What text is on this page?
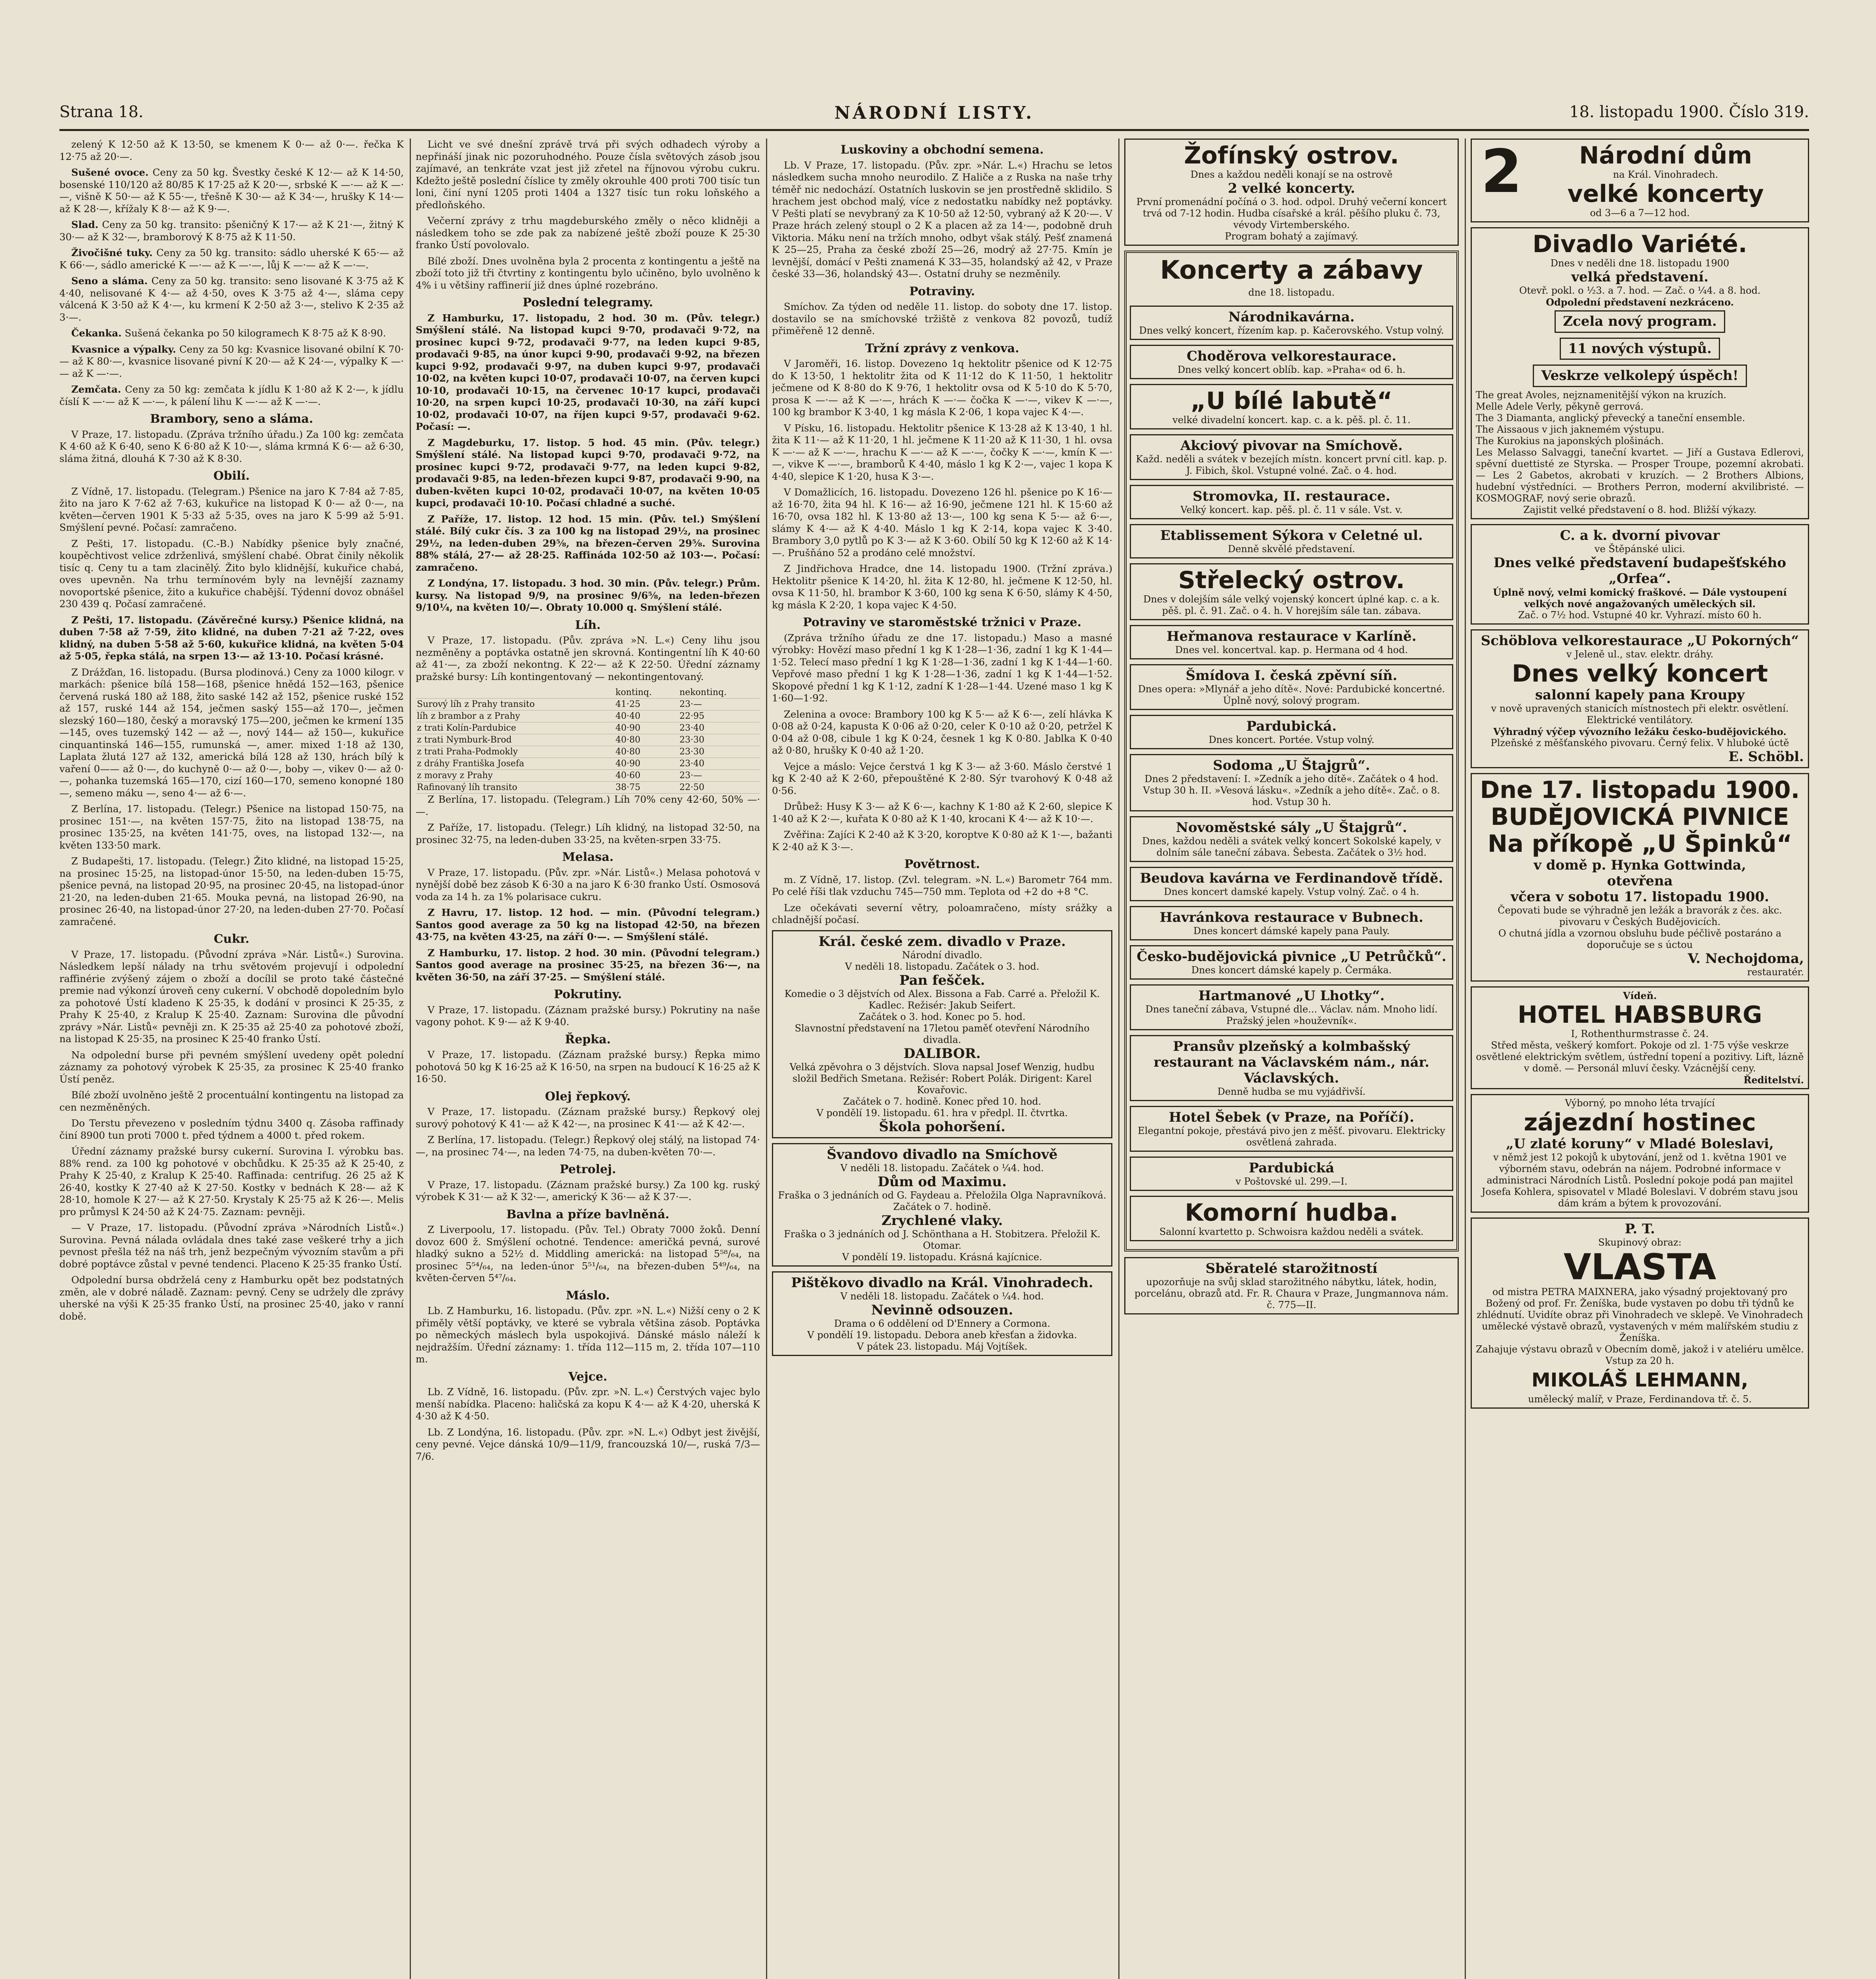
Strana 18.	NÁRODNÍ LISTY.	18. listopadu 1900. Číslo 319.

zelený K 12·50 až K 13·50, se kmenem K 0·— až 0·—. řečka K 12·75 až 20·—.

Sušené ovoce. Ceny za 50 kg. Švestky české K 12·— až K 14·50, bosenské 110/120 až 80/85 K 17·25 až K 20·—, srbské K —·— až K —·—, višně K 50·— až K 55·—, třešně K 30·— až K 34·—, hrušky K 14·— až K 28·—, křížaly K 8·— až K 9·—.

Slad. Ceny za 50 kg. transito: pšeničný K 17·— až K 21·—, žitný K 30·— až K 32·—, bramborový K 8·75 až K 11·50.

Živočišné tuky. Ceny za 50 kg. transito: sádlo uherské K 65·— až K 66·—, sádlo americké K —·— až K —·—, lůj K —·— až K —·—.

Seno a sláma. Ceny za 50 kg. transito: seno lisované K 3·75 až K 4·40, nelisované K 4·— až 4·50, oves K 3·75 až 4·—, sláma cepy válcená K 3·50 až K 4·—, ku krmení K 2·50 až 3·—, stelivo K 2·35 až 3·—.

Čekanka. Sušená čekanka po 50 kilogramech K 8·75 až K 8·90.

Kvasnice a výpalky. Ceny za 50 kg: Kvasnice lisované obilní K 70·— až K 80·—, kvasnice lisované pivní K 20·— až K 24·—, výpalky K —·— až K —·—.

Zemčata. Ceny za 50 kg: zemčata k jídlu K 1·80 až K 2·—, k jídlu číslí K —·— až K —·—, k pálení lihu K —·— až K —·—.

Brambory, seno a sláma.

V Praze, 17. listopadu. (Zpráva tržního úřadu.) Za 100 kg: zemčata K 4·60 až K 6·40, seno K 6·80 až K 10·—, sláma krmná K 6·— až 6·30, sláma žitná, dlouhá K 7·30 až K 8·30.

Obilí.

Z Vídně, 17. listopadu. (Telegram.) Pšenice na jaro K 7·84 až 7·85, žito na jaro K 7·62 až 7·63, kukuřice na listopad K 0·— až 0·—, na květen—červen 1901 K 5·33 až 5·35, oves na jaro K 5·99 až 5·91. Smýšlení pevné. Počasí: zamračeno.

Z Pešti, 17. listopadu. (C.-B.) Nabídky pšenice byly značné, koupěchtivost velice zdrženlivá, smýšlení chabé. Obrat činily několik tisíc q. Ceny tu a tam zlacinělý. Žito bylo klidnější, kukuřice chabá, oves upevněn. Na trhu termínovém byly na levnější zaznamy novoportské pšenice, žito a kukuřice chabější. Týdenní dovoz obnášel 230 439 q. Počasí zamračené.

Z Pešti, 17. listopadu. (Závěrečné kursy.) Pšenice klidná, na duben 7·58 až 7·59, žito klidné, na duben 7·21 až 7·22, oves klidný, na duben 5·58 až 5·60, kukuřice klidná, na květen 5·04 až 5·05, řepka stálá, na srpen 13·— až 13·10. Počasí krásné.

Z Drážďan, 16. listopadu. (Bursa plodinová.) Ceny za 1000 kilogr. v markách: pšenice bílá 158—168, pšenice hnědá 152—163, pšenice červená ruská 180 až 188, žito saské 142 až 152, pšenice ruské 152 až 157, ruské 144 až 154, ječmen saský 155—až 170—, ječmen slezský 160—180, český a moravský 175—200, ječmen ke krmení 135—145, oves tuzemský 142 — až —, nový 144— až 150—, kukuřice cinquantinská 146—155, rumunská —, amer. mixed 1·18 až 130, Laplata žlutá 127 až 132, americká bílá 128 až 130, hrách bílý k vaření 0—— až 0·—, do kuchyně 0·— až 0·—, boby —, vikev 0·— až 0·—, pohanka tuzemská 165—170, cizí 160—170, semeno konopné 180—, semeno máku —, seno 4·— až 6·—.

Z Berlína, 17. listopadu. (Telegr.) Pšenice na listopad 150·75, na prosinec 151·—, na květen 157·75, žito na listopad 138·75, na prosinec 135·25, na květen 141·75, oves, na listopad 132·—, na květen 133·50 mark.

Z Budapešti, 17. listopadu. (Telegr.) Žito klidné, na listopad 15·25, na prosinec 15·25, na listopad-únor 15·50, na leden-duben 15·75, pšenice pevná, na listopad 20·95, na prosinec 20·45, na listopad-únor 21·20, na leden-duben 21·65. Mouka pevná, na listopad 26·90, na prosinec 26·40, na listopad-únor 27·20, na leden-duben 27·70. Počasí zamračené.

Cukr.

V Praze, 17. listopadu. (Původní zpráva »Nár. Listů«.) Surovina. Následkem lepší nálady na trhu světovém projevují i odpolední raffinérie zvýšený zájem o zboží a docílil se proto také částečné premie nad výkonzí úroveň ceny cukerní. V obchodě dopoledním bylo za pohotové Ústí kladeno K 25·35, k dodání v prosinci K 25·35, z Prahy K 25·40, z Kralup K 25·40. Zaznam: Surovina dle původní zprávy »Nár. Listů« pevněji zn. K 25·35 až 25·40 za pohotové zboží, na listopad K 25·35, na prosinec K 25·40 franko Ústí.

Na odpolední burse při pevném smýšlení uvedeny opět polední záznamy za pohotový výrobek K 25·35, za prosinec K 25·40 franko Ústí peněz.

Bílé zboží uvolněno ještě 2 procentuální kontingentu na listopad za cen nezměněných.

Do Terstu převezeno v posledním týdnu 3400 q. Zásoba raffinady činí 8900 tun proti 7000 t. před týdnem a 4000 t. před rokem.

Úřední záznamy pražské bursy cukerní. Surovina I. výrobku bas. 88% rend. za 100 kg pohotové v obchůdku. K 25·35 až K 25·40, z Prahy K 25·40, z Kralup K 25·40. Raffinada: centrifug. 26 25 až K 26·40, kostky K 27·40 až K 27·50. Kostky v bednách K 28·— až K 28·10, homole K 27·— až K 27·50. Krystaly K 25·75 až K 26·—. Melis pro průmysl K 24·50 až K 24·75. Zaznam: pevněji.

— V Praze, 17. listopadu. (Původní zpráva »Národních Listů«.) Surovina. Pevná nálada ovládala dnes také zase veškeré trhy a jich pevnost přešla též na náš trh, jenž bezpečným vývozním stavům a při dobré poptávce zůstal v pevné tendenci. Placeno K 25·35 franko Ústí.

Odpolední bursa obdrželá ceny z Hamburku opět bez podstatných změn, ale v dobré náladě. Zaznam: pevný. Ceny se udržely dle zprávy uherské na výši K 25·35 franko Ústí, na prosinec 25·40, jako v ranní době.

Licht ve své dnešní zprávě trvá při svých odhadech výroby a nepřináší jinak nic pozoruhodného. Pouze čísla světových zásob jsou zajímavé, an tenkráte vzat jest již zřetel na říjnovou výrobu cukru. Kdežto ještě poslední číslice ty změly okrouhle 400 proti 700 tisíc tun loni, činí nyní 1205 proti 1404 a 1327 tisíc tun roku loňského a předloňského.

Večerní zprávy z trhu magdeburského změly o něco klidněji a následkem toho se zde pak za nabízené ještě zboží pouze K 25·30 franko Ústí povolovalo.

Bílé zboží. Dnes uvolněna byla 2 procenta z kontingentu a ještě na zboží toto již tři čtvrtiny z kontingentu bylo učiněno, bylo uvolněno k 4% i u většiny raffinerií již dnes úplné rozebráno.

Poslední telegramy.

Z Hamburku, 17. listopadu, 2 hod. 30 m. (Pův. telegr.) Smýšlení stálé. Na listopad kupci 9·70, prodavači 9·72, na prosinec kupci 9·72, prodavači 9·77, na leden kupci 9·85, prodavači 9·85, na únor kupci 9·90, prodavači 9·92, na březen kupci 9·92, prodavači 9·97, na duben kupci 9·97, prodavači 10·02, na květen kupci 10·07, prodavači 10·07, na červen kupci 10·10, prodavači 10·15, na červenec 10·17 kupci, prodavači 10·20, na srpen kupci 10·25, prodavači 10·30, na září kupci 10·02, prodavači 10·07, na říjen kupci 9·57, prodavači 9·62. Počasí: —.

Z Magdeburku, 17. listop. 5 hod. 45 min. (Pův. telegr.) Smýšlení stálé. Na listopad kupci 9·70, prodavači 9·72, na prosinec kupci 9·72, prodavači 9·77, na leden kupci 9·82, prodavači 9·85, na leden-březen kupci 9·87, prodavači 9·90, na duben-květen kupci 10·02, prodavači 10·07, na květen 10·05 kupci, prodavači 10·10. Počasí chladné a suché.

Z Paříže, 17. listop. 12 hod. 15 min. (Pův. tel.) Smýšlení stálé. Bílý cukr čís. 3 za 100 kg na listopad 29½, na prosinec 29½, na leden-duben 29⅝, na březen-červen 29⅝. Surovina 88% stálá, 27·— až 28·25. Raffináda 102·50 až 103·—. Počasí: zamračeno.

Z Londýna, 17. listopadu. 3 hod. 30 min. (Pův. telegr.) Prům. kursy. Na listopad 9/9, na prosinec 9/6⅝, na leden-březen 9/10¼, na květen 10/—. Obraty 10.000 q. Smýšlení stálé.

Líh.

V Praze, 17. listopadu. (Pův. zpráva »N. L.«) Ceny lihu jsou nezměněny a poptávka ostatně jen skrovná. Kontingentní líh K 40·60 až 41·—, za zboží nekontng. K 22·— až K 22·50. Úřední záznamy pražské bursy: Líh kontingentovaný — nekontingentovaný.

	kontinq.	nekontinq.
Surový líh z Prahy transito	41·25	23·—
líh z brambor a z Prahy	40·40	22·95
z trati Kolín-Pardubice	40·90	23·40
z trati Nymburk-Brod	40·80	23·30
z trati Praha-Podmokly	40·80	23·30
z dráhy Františka Josefa	40·90	23·40
z moravy z Prahy	40·60	23·—
Rafinovaný líh transito	38·75	22·50

Z Berlína, 17. listopadu. (Telegram.) Líh 70% ceny 42·60, 50% —·—.

Z Paříže, 17. listopadu. (Telegr.) Líh klidný, na listopad 32·50, na prosinec 32·75, na leden-duben 33·25, na květen-srpen 33·75.

Melasa.

V Praze, 17. listopadu. (Pův. zpr. »Nár. Listů«.) Melasa pohotová v nynější době bez zásob K 6·30 a na jaro K 6·30 franko Ústí. Osmosová voda za 14 h. za 1% polarisace cukru.

Z Havru, 17. listop. 12 hod. — min. (Původní telegram.) Santos good average za 50 kg na listopad 42·50, na březen 43·75, na květen 43·25, na září 0·—. — Smýšlení stálé.

Z Hamburku, 17. listop. 2 hod. 30 min. (Původní telegram.) Santos good average na prosinec 35·25, na březen 36·—, na květen 36·50, na září 37·25. — Smýšlení stálé.

Pokrutiny.

V Praze, 17. listopadu. (Záznam pražské bursy.) Pokrutiny na naše vagony pohot. K 9·— až K 9·40.

Řepka.

V Praze, 17. listopadu. (Záznam pražské bursy.) Řepka mimo pohotová 50 kg K 16·25 až K 16·50, na srpen na budoucí K 16·25 až K 16·50.

Olej řepkový.

V Praze, 17. listopadu. (Záznam pražské bursy.) Řepkový olej surový pohotový K 41·— až K 42·—, na prosinec K 41·— až K 42·—.

Z Berlína, 17. listopadu. (Telegr.) Řepkový olej stálý, na listopad 74·—, na prosinec 74·—, na leden 74·75, na duben-květen 70·—.

Petrolej.

V Praze, 17. listopadu. (Záznam pražské bursy.) Za 100 kg. ruský výrobek K 31·— až K 32·—, americký K 36·— až K 37·—.

Bavlna a příze bavlněná.

Z Liverpoolu, 17. listopadu. (Pův. Tel.) Obraty 7000 žoků. Denní dovoz 600 ž. Smýšlení ochotné. Tendence: američká pevná, surové hladký sukno a 52½ d. Middling americká: na listopad 5⁵⁸/₆₄, na prosinec 5⁵⁴/₆₄, na leden-únor 5⁵¹/₆₄, na březen-duben 5⁴⁹/₆₄, na květen-červen 5⁴⁷/₆₄.

Máslo.

Lb. Z Hamburku, 16. listopadu. (Pův. zpr. »N. L.«) Nižší ceny o 2 K přiměly větší poptávky, ve které se vybrala většina zásob. Poptávka po německých máslech byla uspokojivá. Dánské máslo náleží k nejdražším. Úřední záznamy: 1. třída 112—115 m, 2. třída 107—110 m.

Vejce.

Lb. Z Vídně, 16. listopadu. (Pův. zpr. »N. L.«) Čerstvých vajec bylo menší nabídka. Placeno: haličská za kopu K 4·— až K 4·20, uherská K 4·30 až K 4·50.

Lb. Z Londýna, 16. listopadu. (Pův. zpr. »N. L.«) Odbyt jest živější, ceny pevné. Vejce dánská 10/9—11/9, francouzská 10/—, ruská 7/3—7/6.

Luskoviny a obchodní semena.

Lb. V Praze, 17. listopadu. (Pův. zpr. »Nár. L.«) Hrachu se letos následkem sucha mnoho neurodilo. Z Haliče a z Ruska na naše trhy téměř nic nedochází. Ostatních luskovin se jen prostředně sklidilo. S hrachem jest obchod malý, více z nedostatku nabídky než poptávky. V Pešti platí se nevybraný za K 10·50 až 12·50, vybraný až K 20·—. V Praze hrách zelený stoupl o 2 K a placen až za 14·—, podobně druh Viktoria. Máku není na tržích mnoho, odbyt však stálý. Pešť znamená K 25—25, Praha za české zboží 25—26, modrý až 27·75. Kmín je levnější, domácí v Pešti znamená K 33—35, holandský až 42, v Praze české 33—36, holandský 43—. Ostatní druhy se nezměnily.

Potraviny.

Smíchov. Za týden od neděle 11. listop. do soboty dne 17. listop. dostavilo se na smíchovské tržiště z venkova 82 povozů, tudíž přiměřeně 12 denně.

Tržní zprávy z venkova.

V Jaroměři, 16. listop. Dovezeno 1q hektolitr pšenice od K 12·75 do K 13·50, 1 hektolitr žita od K 11·12 do K 11·50, 1 hektolitr ječmene od K 8·80 do K 9·76, 1 hektolitr ovsa od K 5·10 do K 5·70, prosa K —·— až K —·—, hrách K —·— čočka K —·—, vikev K —·—, 100 kg brambor K 3·40, 1 kg másla K 2·06, 1 kopa vajec K 4·—.

V Písku, 16. listopadu. Hektolitr pšenice K 13·28 až K 13·40, 1 hl. žita K 11·— až K 11·20, 1 hl. ječmene K 11·20 až K 11·30, 1 hl. ovsa K —·— až K —·—, hrachu K —·— až K —·—, čočky K —·—, kmín K —·—, vikve K —·—, bramborů K 4·40, máslo 1 kg K 2·—, vajec 1 kopa K 4·40, slepice K 1·20, husa K 3·—.

V Domažlicích, 16. listopadu. Dovezeno 126 hl. pšenice po K 16·— až 16·70, žita 94 hl. K 16·— až 16·90, ječmene 121 hl. K 15·60 až 16·70, ovsa 182 hl. K 13·80 až 13·—, 100 kg sena K 5·— až 6·—, slámy K 4·— až K 4·40. Máslo 1 kg K 2·14, kopa vajec K 3·40. Brambory 3,0 pytlů po K 3·— až K 3·60. Obilí 50 kg K 12·60 až K 14·—. Prušňáno 52 a prodáno celé množství.

Z Jindřichova Hradce, dne 14. listopadu 1900. (Tržní zpráva.) Hektolitr pšenice K 14·20, hl. žita K 12·80, hl. ječmene K 12·50, hl. ovsa K 11·50, hl. brambor K 3·60, 100 kg sena K 6·50, slámy K 4·50, kg másla K 2·20, 1 kopa vajec K 4·50.

Potraviny ve staroměstské tržnici v Praze.

(Zpráva tržního úřadu ze dne 17. listopadu.) Maso a masné výrobky: Hovězí maso přední 1 kg K 1·28—1·36, zadní 1 kg K 1·44—1·52. Telecí maso přední 1 kg K 1·28—1·36, zadní 1 kg K 1·44—1·60. Vepřové maso přední 1 kg K 1·28—1·36, zadní 1 kg K 1·44—1·52. Skopové přední 1 kg K 1·12, zadní K 1·28—1·44. Uzené maso 1 kg K 1·60—1·92.

Zelenina a ovoce: Brambory 100 kg K 5·— až K 6·—, zelí hlávka K 0·08 až 0·24, kapusta K 0·06 až 0·20, celer K 0·10 až 0·20, petržel K 0·04 až 0·08, cibule 1 kg K 0·24, česnek 1 kg K 0·80. Jablka K 0·40 až 0·80, hrušky K 0·40 až 1·20.

Vejce a máslo: Vejce čerstvá 1 kg K 3·— až 3·60. Máslo čerstvé 1 kg K 2·40 až K 2·60, přepouštěné K 2·80. Sýr tvarohový K 0·48 až 0·56.

Drůbež: Husy K 3·— až K 6·—, kachny K 1·80 až K 2·60, slepice K 1·40 až K 2·—, kuřata K 0·80 až K 1·40, krocani K 4·— až K 10·—.

Zvěřina: Zajíci K 2·40 až K 3·20, koroptve K 0·80 až K 1·—, bažanti K 2·40 až K 3·—.

Povětrnost.

m. Z Vídně, 17. listop. (Zvl. telegram. »N. L.«) Barometr 764 mm. Po celé říši tlak vzduchu 745—750 mm. Teplota od +2 do +8 °C.

Lze očekávati severní větry, poloamračeno, místy srážky a chladnější počasí.

Král. české zem. divadlo v Praze.
Národní divadlo.
V neděli 18. listopadu. Začátek o 3. hod.
Pan fešček.
Komedie o 3 dějstvích od Alex. Bissona a Fab. Carré a. Přeložil K. Kadlec. Režisér: Jakub Seifert.
Začátek o 3. hod. Konec po 5. hod.
Slavnostní představení na 17letou paměť otevření Národního divadla.
DALIBOR.
Velká zpěvohra o 3 dějstvích. Slova napsal Josef Wenzig, hudbu složil Bedřich Smetana. Režisér: Robert Polák. Dirigent: Karel Kovařovic.
Začátek o 7. hodině. Konec před 10. hod.
V pondělí 19. listopadu. 61. hra v předpl. II. čtvrtka.
Škola pohoršení.
Švandovo divadlo na Smíchově
V neděli 18. listopadu. Začátek o ¼4. hod.
Dům od Maximu.
Fraška o 3 jednáních od G. Faydeau a. Přeložila Olga Napravníková.
Začátek o 7. hodině.
Zrychlené vlaky.
Fraška o 3 jednáních od J. Schönthana a H. Stobitzera. Přeložil K. Otomar.
V pondělí 19. listopadu. Krásná kajícnice.
Pištěkovo divadlo na Král. Vinohradech.
V neděli 18. listopadu. Začátek o ¼4. hod.
Nevinně odsouzen.
Drama o 6 oddělení od D'Ennery a Cormona.
V pondělí 19. listopadu. Debora aneb křesťan a židovka.
V pátek 23. listopadu. Máj Vojtíšek.
Žofínský ostrov.
Dnes a každou neděli konají se na ostrově
2 velké koncerty.
První promenádní počíná o 3. hod. odpol. Druhý večerní koncert trvá od 7-12 hodin. Hudba císařské a král. pěšího pluku č. 73, vévody Virtemberského.
Program bohatý a zajímavý.
Koncerty a zábavy
dne 18. listopadu.
Národnikavárna.
Dnes velký koncert, řízením kap. p. Kačerovského. Vstup volný.
Choděrova velkorestaurace.
Dnes velký koncert oblíb. kap. »Praha« od 6. h.
„U bílé labutě“
velké divadelní koncert. kap. c. a k. pěš. pl. č. 11.
Akciový pivovar na Smíchově.
Každ. neděli a svátek v bezejích místn. koncert první citl. kap. p. J. Fibich, škol. Vstupné volné. Zač. o 4. hod.
Stromovka, II. restaurace.
Velký koncert. kap. pěš. pl. č. 11 v sále. Vst. v.
Etablissement Sýkora v Celetné ul.
Denně skvělé představení.
Střelecký ostrov.
Dnes v dolejším sále velký vojenský koncert úplné kap. c. a k. pěš. pl. č. 91. Zač. o 4. h. V horejším sále tan. zábava.
Heřmanova restaurace v Karlíně.
Dnes vel. koncertval. kap. p. Hermana od 4 hod.
Šmídova I. česká zpěvní síň.
Dnes opera: »Mlynář a jeho dítě«. Nové: Pardubické koncertné. Úplně nový, solový program.
Pardubická.
Dnes koncert. Portée. Vstup volný.
Sodoma „U Štajgrů“.
Dnes 2 představení: I. »Zedník a jeho dítě«. Začátek o 4 hod. Vstup 30 h. II. »Vesová lásku«. »Zedník a jeho dítě«. Zač. o 8. hod. Vstup 30 h.
Novoměstské sály „U Štajgrů“.
Dnes, každou neděli a svátek velký koncert Sokolské kapely, v dolním sále taneční zábava. Šebesta. Začátek o 3½ hod.
Beudova kavárna ve Ferdinandově třídě.
Dnes koncert damské kapely. Vstup volný. Zač. o 4 h.
Havránkova restaurace v Bubnech.
Dnes koncert dámské kapely pana Pauly.
Česko-budějovická pivnice „U Petrůčků“.
Dnes koncert dámské kapely p. Čermáka.
Hartmanové „U Lhotky“.
Dnes taneční zábava, Vstupné dle... Václav. nám. Mnoho lidí. Pražský jelen »houževník«.
Pransův plzeňský a kolmbašský restaurant na Václavském nám., nár. Václavských.
Denně hudba se mu vyjádřivší.
Hotel Šebek (v Praze, na Poříčí).
Elegantní pokoje, přestává pivo jen z měšť. pivovaru. Elektricky osvětlená zahrada.
Pardubická
v Poštovské ul. 299.—I.
Komorní hudba.
Salonní kvartetto p. Schwoisra každou neděli a svátek.
Sběratelé starožitností
upozorňuje na svůj sklad starožitného nábytku, látek, hodin, porcelánu, obrazů atd. Fr. R. Chaura v Praze, Jungmannova nám. č. 775—II.
2	Národní dům
na Král. Vinohradech.
velké koncerty
od 3—6 a 7—12 hod.
Divadlo Variété.
Dnes v neděli dne 18. listopadu 1900
velká představení.
Otevř. pokl. o ½3. a 7. hod. — Zač. o ¼4. a 8. hod.
Odpolední představení nezkráceno.
Zcela nový program. 11 nových výstupů. Veskrze velkolepý úspěch!
The great Avoles, nejznamenitější výkon na kruzích.
Melle Adele Verly, pěkyně gerrová.
The 3 Diamanta, anglický převecký a taneční ensemble.
The Aissaous v jich jaknemém výstupu.
The Kurokius na japonských plošinách.
Les Melasso Salvaggi, taneční kvartet. — Jiří a Gustava Edlerovi, spěvní duettisté ze Styrska. — Prosper Troupe, pozemní akrobati. — Les 2 Gabetos, akrobati v kruzích. — 2 Brothers Albions, hudební výstředníci. — Brothers Perron, moderní akvilibristé. — KOSMOGRAF, nový serie obrazů.
Zajistit velké představení o 8. hod. Bližší výkazy.
C. a k. dvorní pivovar
ve Štěpánské ulici.
Dnes velké představení budapešťského „Orfea“.
Úplně nový, velmi komický fraškové. — Dále vystoupení velkých nové angažovaných uměleckých sil.
Zač. o 7½ hod. Vstupné 40 kr. Vyhrazí. místo 60 h.
Schöblova velkorestaurace „U Pokorných“
v Jeleně ul., stav. elektr. dráhy.
Dnes velký koncert
salonní kapely pana Kroupy
v nově upravených stanicích místnostech při elektr. osvětlení. Elektrické ventilátory.
Výhradný výčep vývozního ležáku česko-budějovického.
Plzeňské z měšťanského pivovaru. Černý felix. V hluboké úctě
E. Schöbl.
Dne 17. listopadu 1900.
BUDĚJOVICKÁ PIVNICE
Na příkopě „U Špinků“
v domě p. Hynka Gottwinda,
otevřena
včera v sobotu 17. listopadu 1900.
Čepovati bude se výhradně jen ležák a bravorák z čes. akc. pivovaru v Českých Budějovicích.
O chutná jídla a vzornou obsluhu bude péčlivě postaráno a doporučuje se s úctou
V. Nechojdoma,
restauratér.
Vídeň.
HOTEL HABSBURG
I, Rothenthurmstrasse č. 24.
Střed města, veškerý komfort. Pokoje od zl. 1·75 výše veskrze osvětlené elektrickým světlem, ústřední topení a pozitivy. Lift, lázně v domě. — Personál mluví česky. Vzácnější ceny.
Ředitelství.
Výborný, po mnoho léta trvající
zájezdní hostinec
„U zlaté koruny“ v Mladé Boleslavi,
v němž jest 12 pokojů k ubytování, jenž od 1. května 1901 ve výborném stavu, odebrán na nájem. Podrobné informace v administraci Národních Listů. Poslední pokoje podá pan majitel Josefa Kohlera, spisovatel v Mladé Boleslavi. V dobrém stavu jsou dám krám a býtem k provozování.
P. T.
Skupinový obraz:
VLASTA
od mistra PETRA MAIXNERA, jako výsadný projektovaný pro Božený od prof. Fr. Ženíška, bude vystaven po dobu tři týdnů ke zhlédnutí. Uvidíte obraz při Vinohradech ve sklepě. Ve Vinohradech umělecké výstavě obrazů, vystavených v mém malířském studiu z Ženíška.
Zahajuje výstavu obrazů v Obecním domě, jakož i v ateliéru umělce. Vstup za 20 h.
MIKOLÁŠ LEHMANN,
umělecký malíř, v Praze, Ferdinandova tř. č. 5.
